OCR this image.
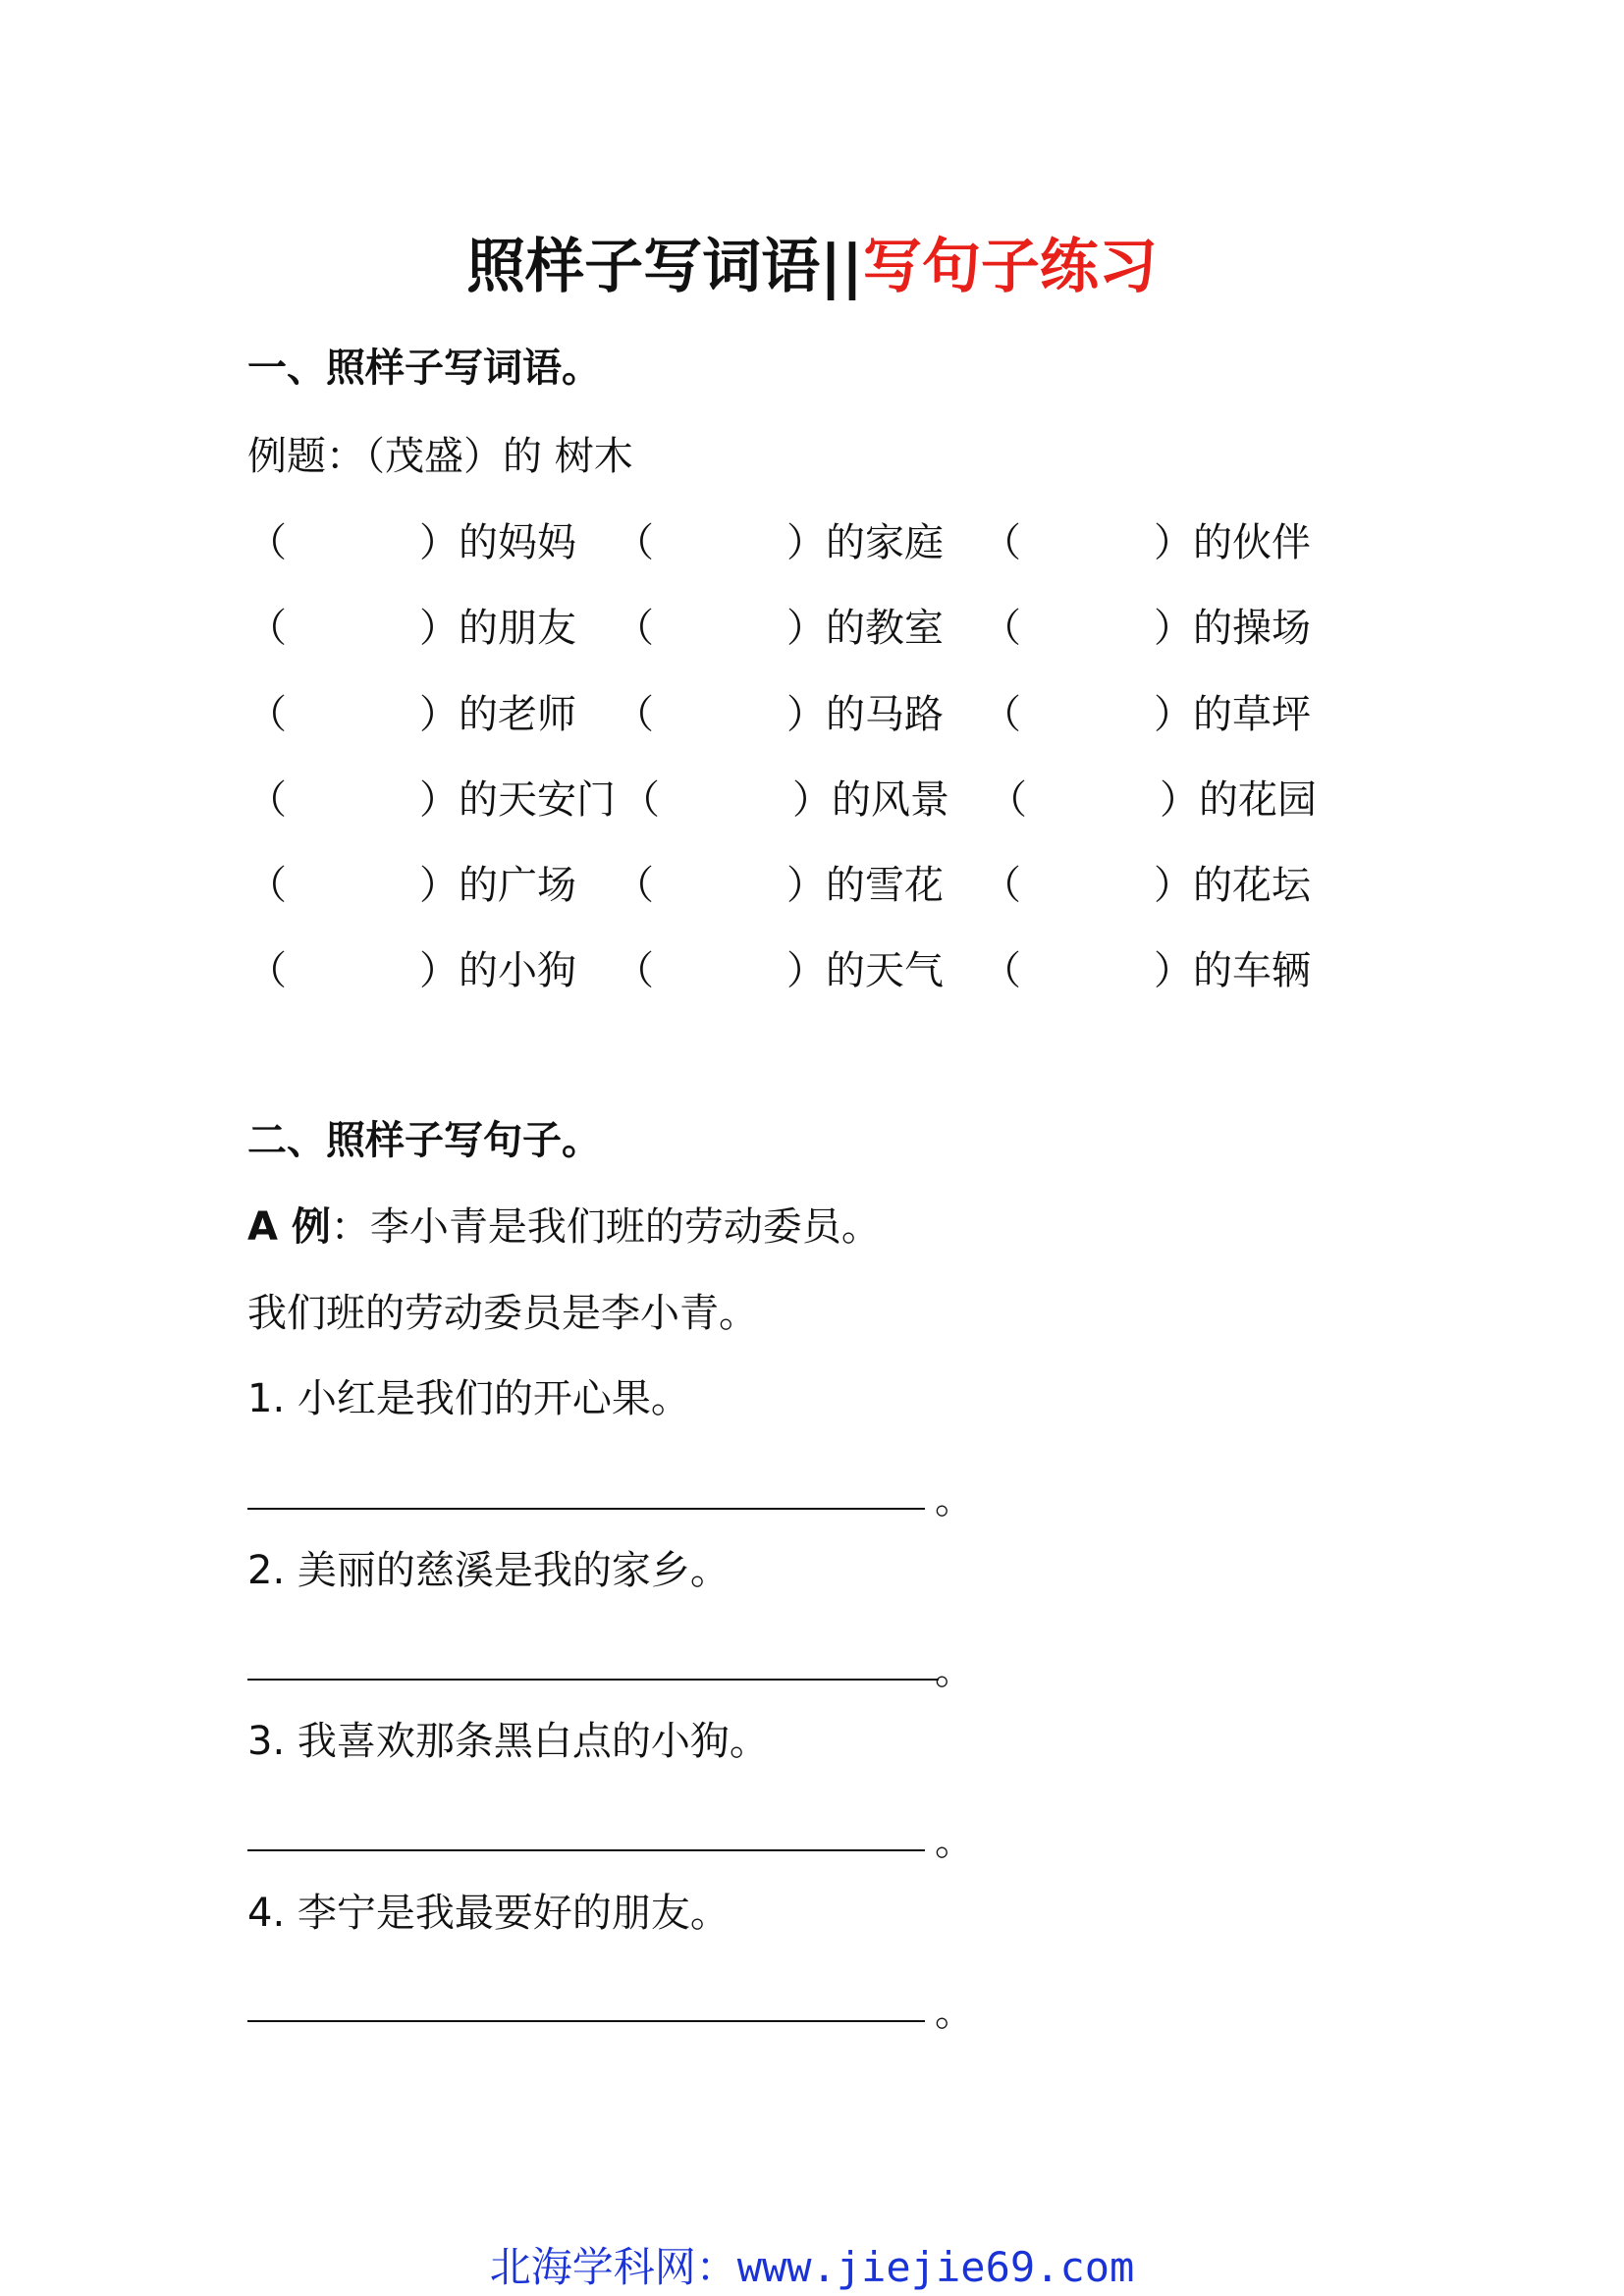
照样子写词语||写句子练习
一、照样子写词语。
例题：（茂盛）的 树木
（	）的妈妈 （	）的家庭 （	）的伙伴
（	）的朋友 （	）的教室 （	）的操场
（	）的老师 （	）的马路 （	）的草坪
（	）的天安门 （	）的风景 （	）的花园
（	）的广场 （	）的雪花 （	）的花坛
（	）的小狗 （	）的天气 （	）的车辆
二、照样子写句子。
A 例：李小青是我们班的劳动委员。
我们班的劳动委员是李小青。
1. 小红是我们的开心果。
。
2. 美丽的慈溪是我的家乡。
。
3. 我喜欢那条黑白点的小狗。
。
4. 李宁是我最要好的朋友。
。
北海学科网：www.jiejie69.com
